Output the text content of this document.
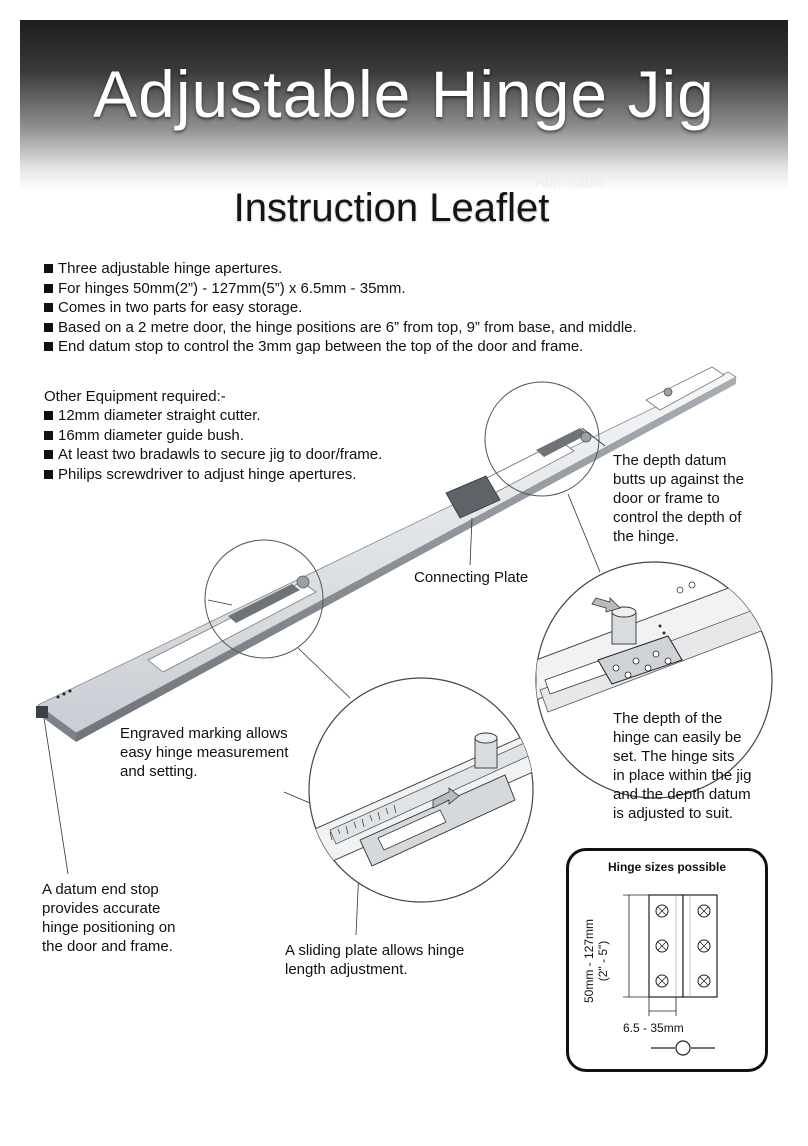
Adjustable Hinge Jig
Adjustable
Instruction Leaflet
Three adjustable hinge apertures.
For hinges 50mm(2”) - 127mm(5”) x 6.5mm - 35mm.
Comes in two parts for easy storage.
Based on a 2 metre door, the hinge positions are 6” from top, 9” from base, and middle.
End datum stop to control the 3mm gap between the top of the door and frame.
Other Equipment required:-
12mm diameter straight cutter.
16mm diameter guide bush.
At least two bradawls to secure jig to door/frame.
Philips screwdriver to adjust hinge apertures.
The depth datum
butts up against the
door or frame to
control the depth of
the hinge.
Connecting Plate
Engraved marking allows
easy hinge measurement
and setting.
The depth of the
hinge can easily be
set. The hinge sits
in place within the jig
and the depth datum
is adjusted to suit.
A datum end stop
provides accurate
hinge positioning on
the door and frame.	A sliding plate allows hinge
length adjustment.
Hinge sizes possible
50mm - 127mm (2" - 5")
6.5 - 35mm
